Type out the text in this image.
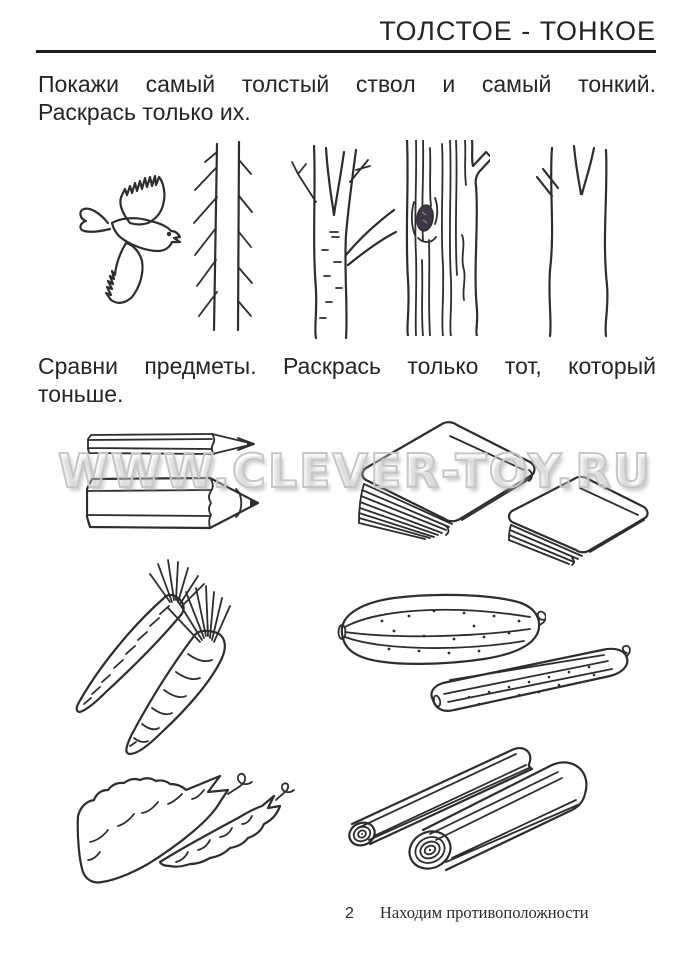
ТОЛСТОЕ - ТОНКОЕ
Покажи самый толстый ствол и самый тонкий.
Раскрась только их.
Сравни предметы. Раскрась только тот, который
тоньше.
WWW.CLEVER-TOY.RU
2 Находим противоположности
